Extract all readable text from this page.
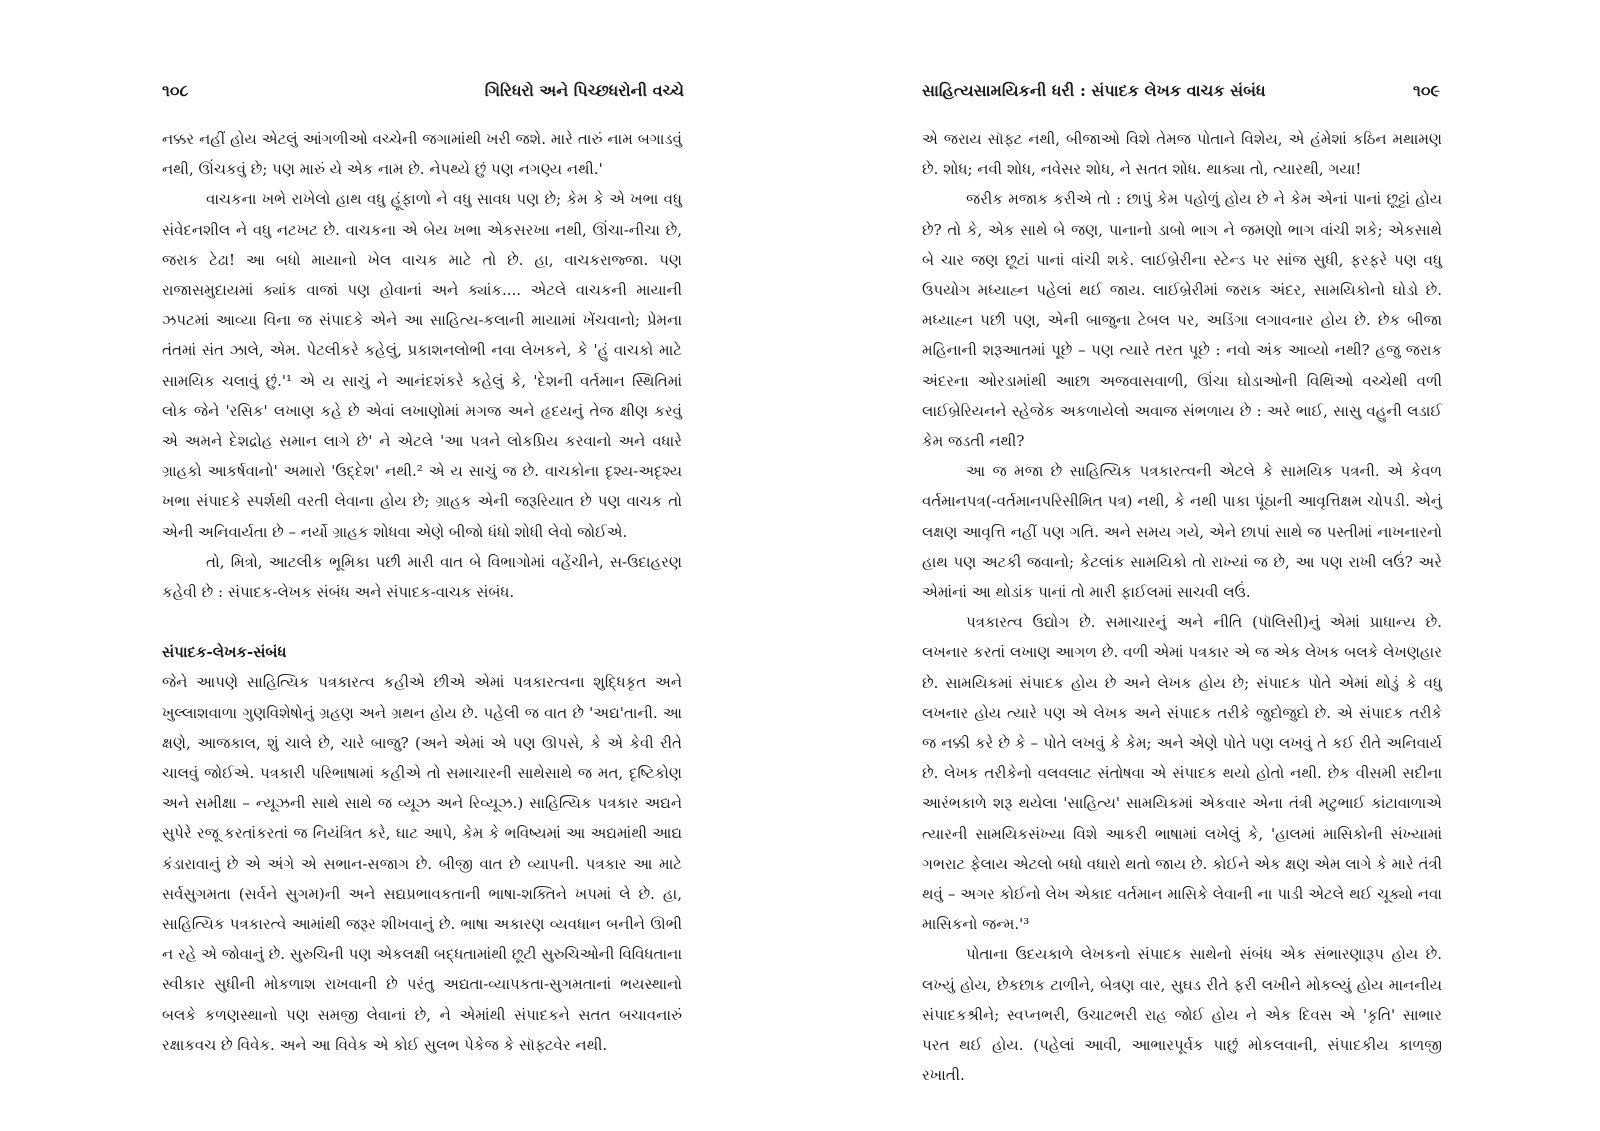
૧૦૮	ગિરિધરો અને પિચ્છધરોની વચ્ચે

નક્કર નહીં હોય એટલું આંગળીઓ વચ્ચેની જગામાંથી ખરી જશે. મારે તારું નામ બગાડવું નથી, ઊંચકવું છે; પણ મારું યે એક નામ છે. નેપથ્યે છું પણ નગણ્ય નથી.'

વાચકના ખભે રાખેલો હાથ વધુ હૂંફાળો ને વધુ સાવધ પણ છે; કેમ કે એ ખભા વધુ સંવેદનશીલ ને વધુ નટખટ છે. વાચકના એ બેય ખભા એકસરખા નથી, ઊંચા-નીચા છે, જરાક ટેઢા! આ બધો માયાનો ખેલ વાચક માટે તો છે. હા, વાચકરાજ્જા. પણ રાજાસમુદાયમાં ક્યાંક વાજાં પણ હોવાનાં અને ક્યાંક.... એટલે વાચકની માયાની ઝપટમાં આવ્યા વિના જ સંપાદકે એને આ સાહિત્ય-કલાની માયામાં ખેંચવાનો; પ્રેમના તંતમાં સંત ઝાલે, એમ. પેટલીકરે કહેલું, પ્રકાશનલોભી નવા લેખકને, કે 'હું વાચકો માટે સામયિક ચલાવું છું.'¹ એ ય સાચું ને આનંદશંકરે કહેલું કે, 'દેશની વર્તમાન સ્થિતિમાં લોક જેને 'રસિક' લખાણ કહે છે એવાં લખાણોમાં મગજ અને હૃદયનું તેજ ક્ષીણ કરવું એ અમને દેશદ્રોહ સમાન લાગે છે' ને એટલે 'આ પત્રને લોકપ્રિય કરવાનો અને વધારે ગ્રાહકો આકર્ષવાનો' અમારો 'ઉદ્દેશ' નથી.² એ ય સાચું જ છે. વાચકોના દૃશ્ય-અદૃશ્ય ખભા સંપાદકે સ્પર્શથી વરતી લેવાના હોય છે; ગ્રાહક એની જરૂરિયાત છે પણ વાચક તો એની અનિવાર્યતા છે – નર્યો ગ્રાહક શોધવા એણે બીજો ધંધો શોધી લેવો જોઈએ.

તો, મિત્રો, આટલીક ભૂમિકા પછી મારી વાત બે વિભાગોમાં વહેંચીને, સ-ઉદાહરણ કહેવી છે : સંપાદક-લેખક સંબંધ અને સંપાદક-વાચક સંબંધ.

સંપાદક-લેખક-સંબંધ

જેને આપણે સાહિત્યિક પત્રકારત્વ કહીએ છીએ એમાં પત્રકારત્વના શુદ્ધિકૃત અને ખુલ્લાશવાળા ગુણવિશેષોનું ગ્રહણ અને ગ્રથન હોય છે. પહેલી જ વાત છે 'અદ્ય'તાની. આ ક્ષણે, આજકાલ, શું ચાલે છે, ચારે બાજુ? (અને એમાં એ પણ ઊપસે, કે એ કેવી રીતે ચાલવું જોઈએ. પત્રકારી પરિભાષામાં કહીએ તો સમાચારની સાથેસાથે જ મત, દૃષ્ટિકોણ અને સમીક્ષા – ન્યૂઝની સાથે સાથે જ વ્યૂઝ અને રિવ્યૂઝ.) સાહિત્યિક પત્રકાર અદ્યને સુપેરે રજૂ કરતાંકરતાં જ નિયંત્રિત કરે, ઘાટ આપે, કેમ કે ભવિષ્યમાં આ અદ્યમાંથી આદ્ય કંડારાવાનું છે એ અંગે એ સભાન-સજાગ છે. બીજી વાત છે વ્યાપની. પત્રકાર આ માટે સર્વસુગમતા (સર્વને સુગમ)ની અને સદ્યપ્રભાવકતાની ભાષા-શક્તિને ખપમાં લે છે. હા, સાહિત્યિક પત્રકારત્વે આમાંથી જરૂર શીખવાનું છે. ભાષા અકારણ વ્યવધાન બનીને ઊભી ન રહે એ જોવાનું છે. સુરુચિની પણ એકલક્ષી બદ્ધતામાંથી છૂટી સુરુચિઓની વિવિધતાના સ્વીકાર સુધીની મોકળાશ રાખવાની છે પરંતુ અદ્યતા-વ્યાપકતા-સુગમતાનાં ભયસ્થાનો બલકે કળણસ્થાનો પણ સમજી લેવાનાં છે, ને એમાંથી સંપાદકને સતત બચાવનારું રક્ષાકવચ છે વિવેક. અને આ વિવેક એ કોઈ સુલભ પેકેજ કે સૉફ્ટવેર નથી.

સાહિત્યસામયિકની ધરી : સંપાદક લેખક વાચક સંબંધ	૧૦૯

એ જરાય સૉફ્ટ નથી, બીજાઓ વિશે તેમજ પોતાને વિશેય, એ હંમેશાં કઠિન મથામણ છે. શોધ; નવી શોધ, નવેસર શોધ, ને સતત શોધ. થાક્યા તો, ત્યારથી, ગયા!

જરીક મજાક કરીએ તો : છાપું કેમ પહોળું હોય છે ને કેમ એનાં પાનાં છૂટ્ટાં હોય છે? તો કે, એક સાથે બે જણ, પાનાનો ડાબો ભાગ ને જમણો ભાગ વાંચી શકે; એકસાથે બે ચાર જણ છૂટાં પાનાં વાંચી શકે. લાઈબ્રેરીના સ્ટેન્ડ પર સાંજ સુધી, ફરફરે પણ વધુ ઉપયોગ મધ્યાહ્ન પહેલાં થઈ જાય. લાઈબ્રેરીમાં જરાક અંદર, સામયિકોનો ઘોડો છે. મધ્યાહ્ન પછી પણ, એની બાજુના ટેબલ પર, અડિંગા લગાવનાર હોય છે. છેક બીજા મહિનાની શરૂઆતમાં પૂછે – પણ ત્યારે તરત પૂછે : નવો અંક આવ્યો નથી? હજુ જરાક અંદરના ઓરડામાંથી આછા અજવાસવાળી, ઊંચા ઘોડાઓની વિથિઓ વચ્ચેથી વળી લાઈબ્રેરિયનને સ્હેજેક અકળાયેલો અવાજ સંભળાય છે : અરે ભાઈ, સાસુ વહુની લડાઈ કેમ જડતી નથી?

આ જ મજા છે સાહિત્યિક પત્રકારત્વની એટલે કે સામયિક પત્રની. એ કેવળ વર્તમાનપત્ર(-વર્તમાનપરિસીમિત પત્ર) નથી, કે નથી પાકા પૂંઠાની આવૃત્તિક્ષમ ચોપડી. એનું લક્ષણ આવૃત્તિ નહીં પણ ગતિ. અને સમય ગયે, એને છાપાં સાથે જ પસ્તીમાં નાખનારનો હાથ પણ અટકી જવાનો; કેટલાંક સામયિકો તો રાખ્યાં જ છે, આ પણ રાખી લઉં? અરે એમાંનાં આ થોડાંક પાનાં તો મારી ફાઈલમાં સાચવી લઉં.

પત્રકારત્વ ઉદ્યોગ છે. સમાચારનું અને નીતિ (પૉલિસી)નું એમાં પ્રાધાન્ય છે. લખનાર કરતાં લખાણ આગળ છે. વળી એમાં પત્રકાર એ જ એક લેખક બલકે લેખણહાર છે. સામયિકમાં સંપાદક હોય છે અને લેખક હોય છે; સંપાદક પોતે એમાં થોડું કે વધુ લખનાર હોય ત્યારે પણ એ લેખક અને સંપાદક તરીકે જુદોજુદો છે. એ સંપાદક તરીકે જ નક્કી કરે છે કે – પોતે લખવું કે કેમ; અને એણે પોતે પણ લખવું તે કઈ રીતે અનિવાર્ય છે. લેખક તરીકેનો વલવલાટ સંતોષવા એ સંપાદક થયો હોતો નથી. છેક વીસમી સદીના આરંભકાળે શરૂ થયેલા 'સાહિત્ય' સામયિકમાં એકવાર એના તંત્રી મટુભાઈ કાંટાવાળાએ ત્યારની સામયિકસંખ્યા વિશે આકરી ભાષામાં લખેલું કે, 'હાલમાં માસિકોની સંખ્યામાં ગભરાટ ફેલાય એટલો બધો વધારો થતો જાય છે. કોઈને એક ક્ષણ એમ લાગે કે મારે તંત્રી થવું – અગર કોઈનો લેખ એકાદ વર્તમાન માસિકે લેવાની ના પાડી એટલે થઈ ચૂક્યો નવા માસિકનો જન્મ.'³

પોતાના ઉદયકાળે લેખકનો સંપાદક સાથેનો સંબંધ એક સંભારણારૂપ હોય છે. લખ્યું હોય, છેકછાક ટાળીને, બેત્રણ વાર, સુઘડ રીતે ફરી લખીને મોકલ્યું હોય માનનીય સંપાદકશ્રીને; સ્વપ્નભરી, ઉચાટભરી રાહ જોઈ હોય ને એક દિવસ એ 'કૃતિ' સાભાર પરત થઈ હોય. (પહેલાં આવી, આભારપૂર્વક પાછું મોકલવાની, સંપાદકીય કાળજી રખાતી.
